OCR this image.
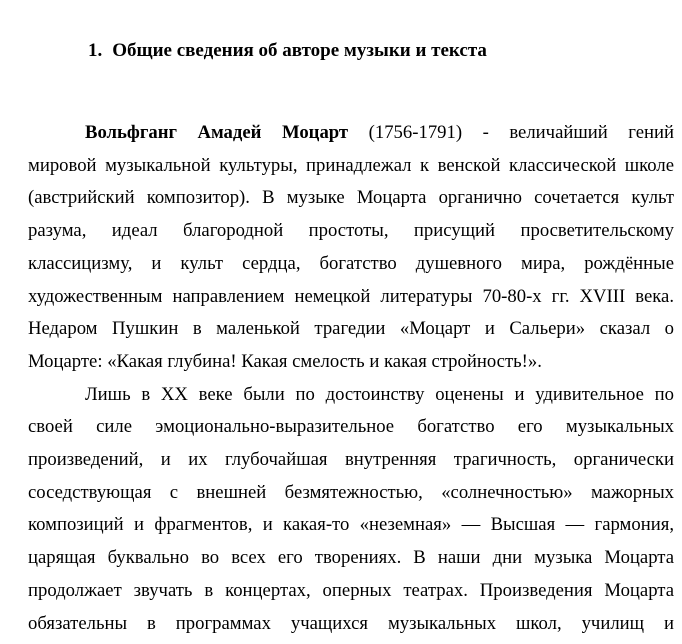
1. Общие сведения об авторе музыки и текста
Вольфганг Амадей Моцарт (1756-1791) - величайший гений
мировой музыкальной культуры, принадлежал к венской классической школе
(австрийский композитор). В музыке Моцарта органично сочетается культ
разума, идеал благородной простоты, присущий просветительскому
классицизму, и культ сердца, богатство душевного мира, рождённые
художественным направлением немецкой литературы 70-80-х гг. XVIII века.
Недаром Пушкин в маленькой трагедии «Моцарт и Сальери» сказал о
Моцарте: «Какая глубина! Какая смелость и какая стройность!».
Лишь в XX веке были по достоинству оценены и удивительное по
своей силе эмоционально-выразительное богатство его музыкальных
произведений, и их глубочайшая внутренняя трагичность, органически
соседствующая с внешней безмятежностью, «солнечностью» мажорных
композиций и фрагментов, и какая-то «неземная» — Высшая — гармония,
царящая буквально во всех его творениях. В наши дни музыка Моцарта
продолжает звучать в концертах, оперных театрах. Произведения Моцарта
обязательны в программах учащихся музыкальных школ, училищ и
